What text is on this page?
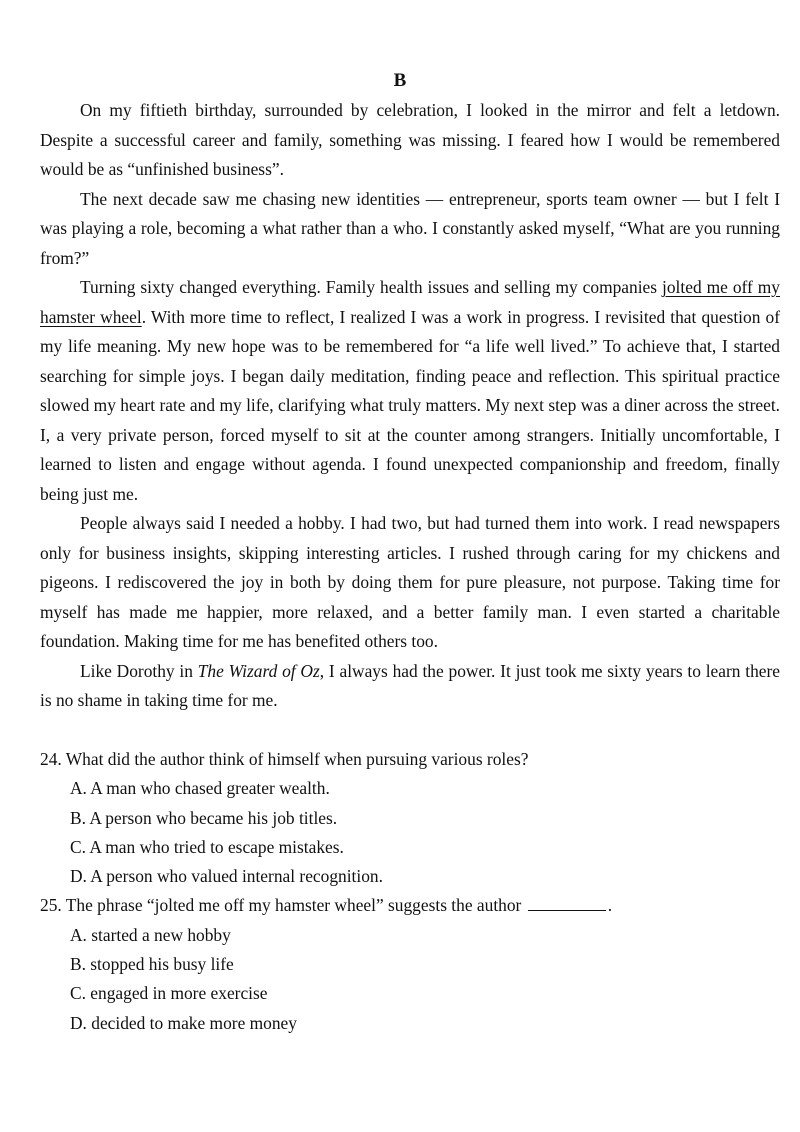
B

On my fiftieth birthday, surrounded by celebration, I looked in the mirror and felt a letdown. Despite a successful career and family, something was missing. I feared how I would be remembered would be as “unfinished business”.

The next decade saw me chasing new identities — entrepreneur, sports team owner — but I felt I was playing a role, becoming a what rather than a who. I constantly asked myself, “What are you running from?”

Turning sixty changed everything. Family health issues and selling my companies jolted me off my hamster wheel. With more time to reflect, I realized I was a work in progress. I revisited that question of my life meaning. My new hope was to be remembered for “a life well lived.” To achieve that, I started searching for simple joys. I began daily meditation, finding peace and reflection. This spiritual practice slowed my heart rate and my life, clarifying what truly matters. My next step was a diner across the street. I, a very private person, forced myself to sit at the counter among strangers. Initially uncomfortable, I learned to listen and engage without agenda. I found unexpected companionship and freedom, finally being just me.

People always said I needed a hobby. I had two, but had turned them into work. I read newspapers only for business insights, skipping interesting articles. I rushed through caring for my chickens and pigeons. I rediscovered the joy in both by doing them for pure pleasure, not purpose. Taking time for myself has made me happier, more relaxed, and a better family man. I even started a charitable foundation. Making time for me has benefited others too.

Like Dorothy in The Wizard of Oz, I always had the power. It just took me sixty years to learn there is no shame in taking time for me.

24. What did the author think of himself when pursuing various roles?

A. A man who chased greater wealth.

B. A person who became his job titles.

C. A man who tried to escape mistakes.

D. A person who valued internal recognition.

25. The phrase “jolted me off my hamster wheel” suggests the author	.

A. started a new hobby

B. stopped his busy life

C. engaged in more exercise

D. decided to make more money
